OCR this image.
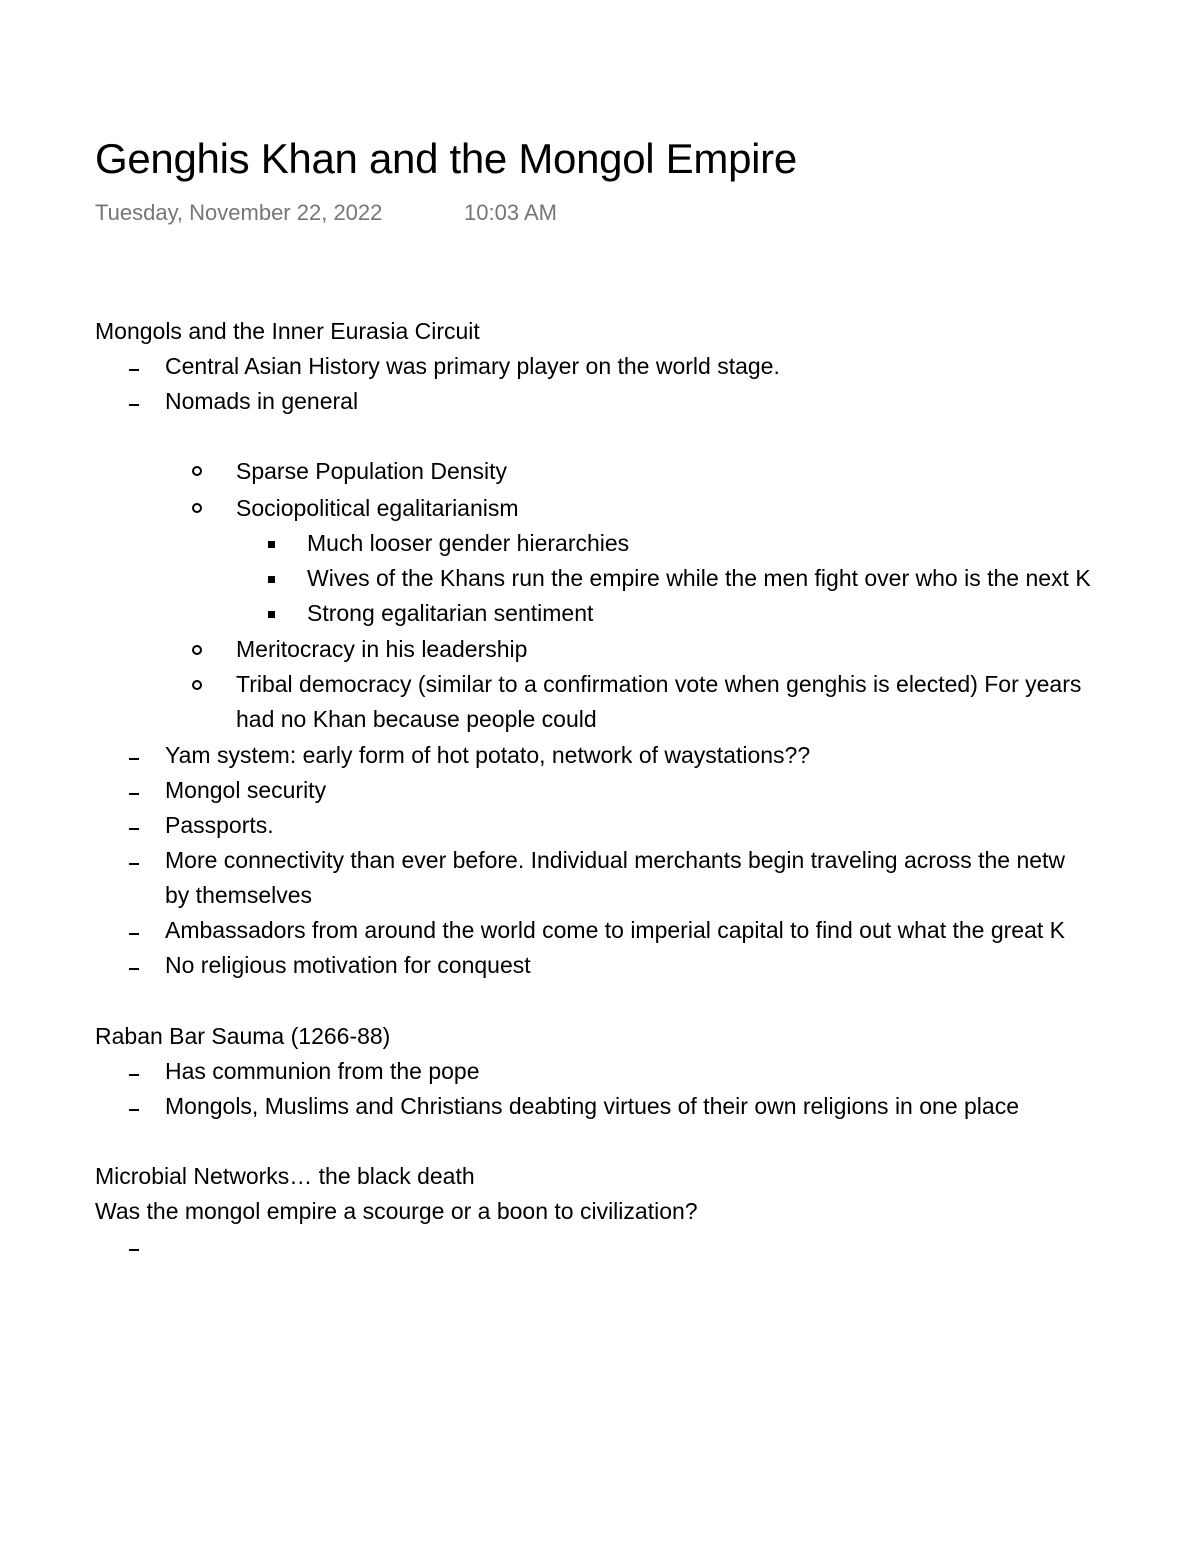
Genghis Khan and the Mongol Empire
Tuesday, November 22, 2022	10:03 AM
Mongols and the Inner Eurasia Circuit
Central Asian History was primary player on the world stage.
Nomads in general
Sparse Population Density
Sociopolitical egalitarianism
Much looser gender hierarchies
Wives of the Khans run the empire while the men fight over who is the next K
Strong egalitarian sentiment
Meritocracy in his leadership
Tribal democracy (similar to a confirmation vote when genghis is elected) For years
had no Khan because people could
Yam system: early form of hot potato, network of waystations??
Mongol security
Passports.
More connectivity than ever before. Individual merchants begin traveling across the netw
by themselves
Ambassadors from around the world come to imperial capital to find out what the great K
No religious motivation for conquest
Raban Bar Sauma (1266-88)
Has communion from the pope
Mongols, Muslims and Christians deabting virtues of their own religions in one place
Microbial Networks… the black death
Was the mongol empire a scourge or a boon to civilization?
